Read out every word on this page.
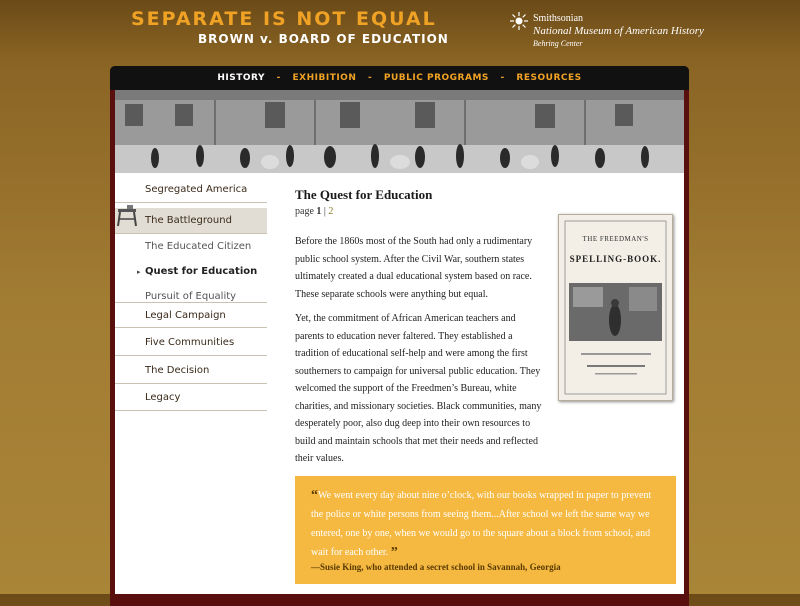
SEPARATE IS NOT EQUAL
BROWN v. BOARD OF EDUCATION
Smithsonian
National Museum of American History
Behring Center
HISTORY - EXHIBITION - PUBLIC PROGRAMS - RESOURCES
Segregated America
The Battleground
The Educated Citizen
▸ Quest for Education
Pursuit of Equality
Legal Campaign
Five Communities
The Decision
Legacy
The Quest for Education
page 1 | 2

Before the 1860s most of the South had only a rudimentary public school system. After the Civil War, southern states ultimately created a dual educational system based on race. These separate schools were anything but equal.

Yet, the commitment of African American teachers and parents to education never faltered. They established a tradition of educational self-help and were among the first southerners to campaign for universal public education. They welcomed the support of the Freedmen’s Bureau, white charities, and missionary societies. Black communities, many desperately poor, also dug deep into their own resources to build and maintain schools that met their needs and reflected their values.

THE FREEDMAN'S
SPELLING-BOOK.

“We went every day about nine o’clock, with our books wrapped in paper to prevent the police or white persons from seeing them...After school we left the same way we entered, one by one, when we would go to the square about a block from school, and wait for each other. ”

—Susie King, who attended a secret school in Savannah, Georgia
